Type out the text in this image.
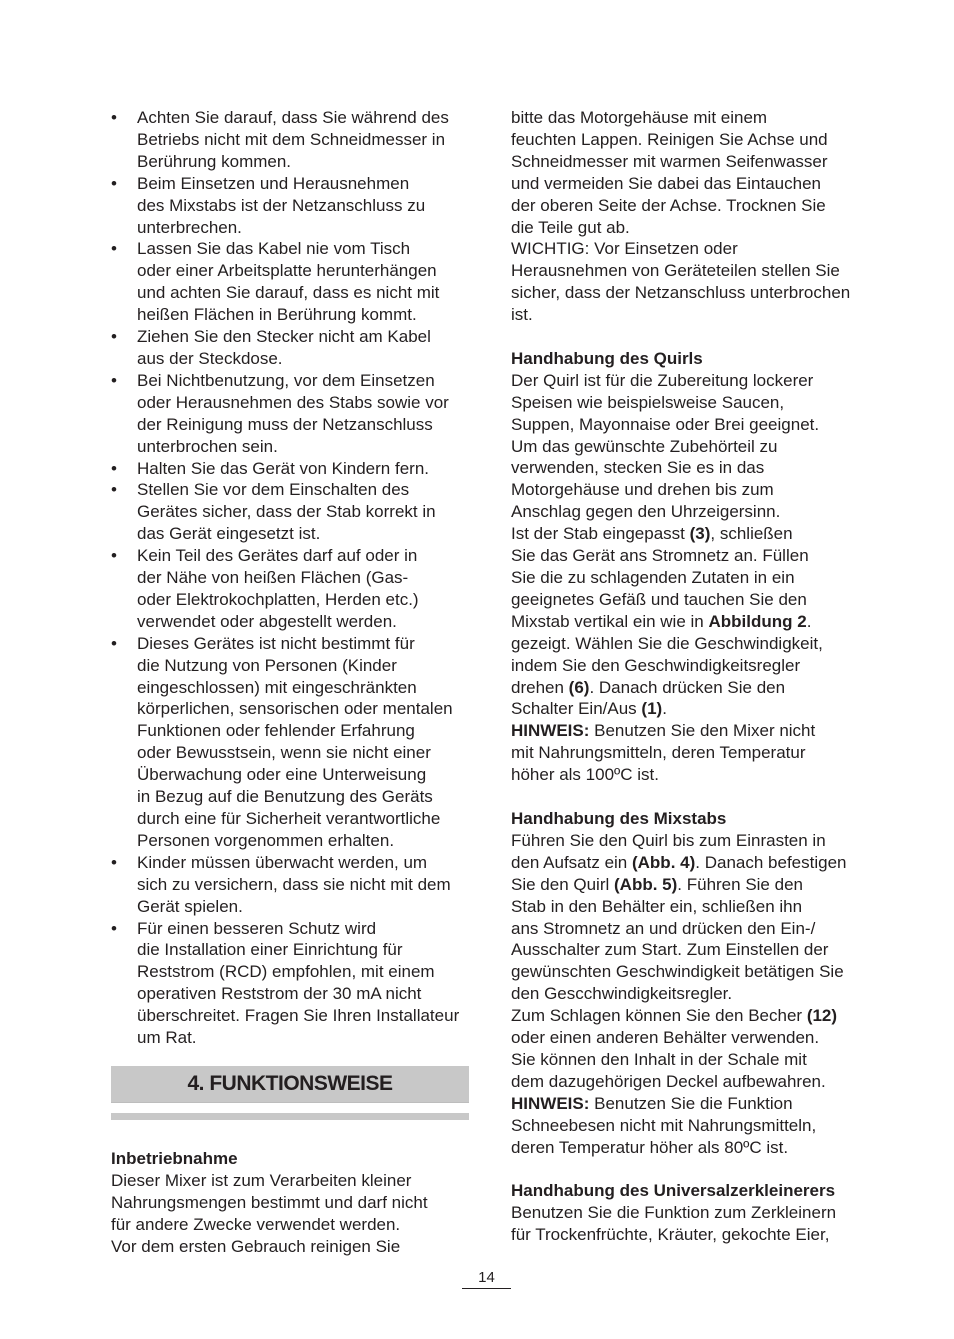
• Achten Sie darauf, dass Sie während des
Betriebs nicht mit dem Schneidmesser in
Berührung kommen.
• Beim Einsetzen und Herausnehmen
des Mixstabs ist der Netzanschluss zu
unterbrechen.
• Lassen Sie das Kabel nie vom Tisch
oder einer Arbeitsplatte herunterhängen
und achten Sie darauf, dass es nicht mit
heißen Flächen in Berührung kommt.
• Ziehen Sie den Stecker nicht am Kabel
aus der Steckdose.
• Bei Nichtbenutzung, vor dem Einsetzen
oder Herausnehmen des Stabs sowie vor
der Reinigung muss der Netzanschluss
unterbrochen sein.
• Halten Sie das Gerät von Kindern fern.
• Stellen Sie vor dem Einschalten des
Gerätes sicher, dass der Stab korrekt in
das Gerät eingesetzt ist.
• Kein Teil des Gerätes darf auf oder in
der Nähe von heißen Flächen (Gas-
oder Elektrokochplatten, Herden etc.)
verwendet oder abgestellt werden.
• Dieses Gerätes ist nicht bestimmt für
die Nutzung von Personen (Kinder
eingeschlossen) mit eingeschränkten
körperlichen, sensorischen oder mentalen
Funktionen oder fehlender Erfahrung
oder Bewusstsein, wenn sie nicht einer
Überwachung oder eine Unterweisung
in Bezug auf die Benutzung des Geräts
durch eine für Sicherheit verantwortliche
Personen vorgenommen erhalten.
• Kinder müssen überwacht werden, um
sich zu versichern, dass sie nicht mit dem
Gerät spielen.
• Für einen besseren Schutz wird
die Installation einer Einrichtung für
Reststrom (RCD) empfohlen, mit einem
operativen Reststrom der 30 mA nicht
überschreitet. Fragen Sie Ihren Installateur
um Rat.
4. FUNKTIONSWEISE
Inbetriebnahme
Dieser Mixer ist zum Verarbeiten kleiner
Nahrungsmengen bestimmt und darf nicht
für andere Zwecke verwendet werden.
Vor dem ersten Gebrauch reinigen Sie
bitte das Motorgehäuse mit einem
feuchten Lappen. Reinigen Sie Achse und
Schneidmesser mit warmen Seifenwasser
und vermeiden Sie dabei das Eintauchen
der oberen Seite der Achse. Trocknen Sie
die Teile gut ab.
WICHTIG: Vor Einsetzen oder
Herausnehmen von Geräteteilen stellen Sie
sicher, dass der Netzanschluss unterbrochen
ist.
Handhabung des Quirls
Der Quirl ist für die Zubereitung lockerer
Speisen wie beispielsweise Saucen,
Suppen, Mayonnaise oder Brei geeignet.
Um das gewünschte Zubehörteil zu
verwenden, stecken Sie es in das
Motorgehäuse und drehen bis zum
Anschlag gegen den Uhrzeigersinn.
Ist der Stab eingepasst (3), schließen
Sie das Gerät ans Stromnetz an. Füllen
Sie die zu schlagenden Zutaten in ein
geeignetes Gefäß und tauchen Sie den
Mixstab vertikal ein wie in Abbildung 2.
gezeigt. Wählen Sie die Geschwindigkeit,
indem Sie den Geschwindigkeitsregler
drehen (6). Danach drücken Sie den
Schalter Ein/Aus (1).
HINWEIS: Benutzen Sie den Mixer nicht
mit Nahrungsmitteln, deren Temperatur
höher als 100ºC ist.
Handhabung des Mixstabs
Führen Sie den Quirl bis zum Einrasten in
den Aufsatz ein (Abb. 4). Danach befestigen
Sie den Quirl (Abb. 5). Führen Sie den
Stab in den Behälter ein, schließen ihn
ans Stromnetz an und drücken den Ein-/
Ausschalter zum Start. Zum Einstellen der
gewünschten Geschwindigkeit betätigen Sie
den Gescchwindigkeitsregler.
Zum Schlagen können Sie den Becher (12)
oder einen anderen Behälter verwenden.
Sie können den Inhalt in der Schale mit
dem dazugehörigen Deckel aufbewahren.
HINWEIS: Benutzen Sie die Funktion
Schneebesen nicht mit Nahrungsmitteln,
deren Temperatur höher als 80ºC ist.
Handhabung des Universalzerkleinerers
Benutzen Sie die Funktion zum Zerkleinern
für Trockenfrüchte, Kräuter, gekochte Eier,
14
